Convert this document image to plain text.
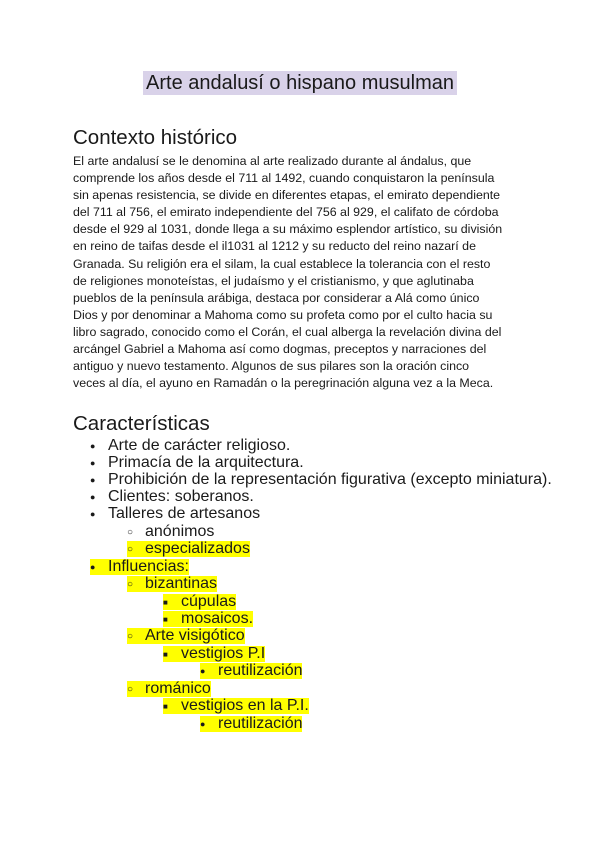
Arte andalusí o hispano musulman
Contexto histórico

El arte andalusí se le denomina al arte realizado durante al ándalus, que
comprende los años desde el 711 al 1492, cuando conquistaron la península
sin apenas resistencia, se divide en diferentes etapas, el emirato dependiente
del 711 al 756, el emirato independiente del 756 al 929, el califato de córdoba
desde el 929 al 1031, donde llega a su máximo esplendor artístico, su división
en reino de taifas desde el il1031 al 1212 y su reducto del reino nazarí de
Granada. Su religión era el silam, la cual establece la tolerancia con el resto
de religiones monoteístas, el judaísmo y el cristianismo, y que aglutinaba
pueblos de la península arábiga, destaca por considerar a Alá como único
Dios y por denominar a Mahoma como su profeta como por el culto hacia su
libro sagrado, conocido como el Corán, el cual alberga la revelación divina del
arcángel Gabriel a Mahoma así como dogmas, preceptos y narraciones del
antiguo y nuevo testamento. Algunos de sus pilares son la oración cinco
veces al día, el ayuno en Ramadán o la peregrinación alguna vez a la Meca.

Características
●Arte de carácter religioso.
●Primacía de la arquitectura.
●Prohibición de la representación figurativa (excepto miniatura).
●Clientes: soberanos.
●Talleres de artesanos
○anónimos
○especializados
●Influencias:
○bizantinas
■cúpulas
■mosaicos.
○Arte visigótico
■vestigios P.I
●reutilización
○románico
■vestigios en la P.I.
●reutilización
